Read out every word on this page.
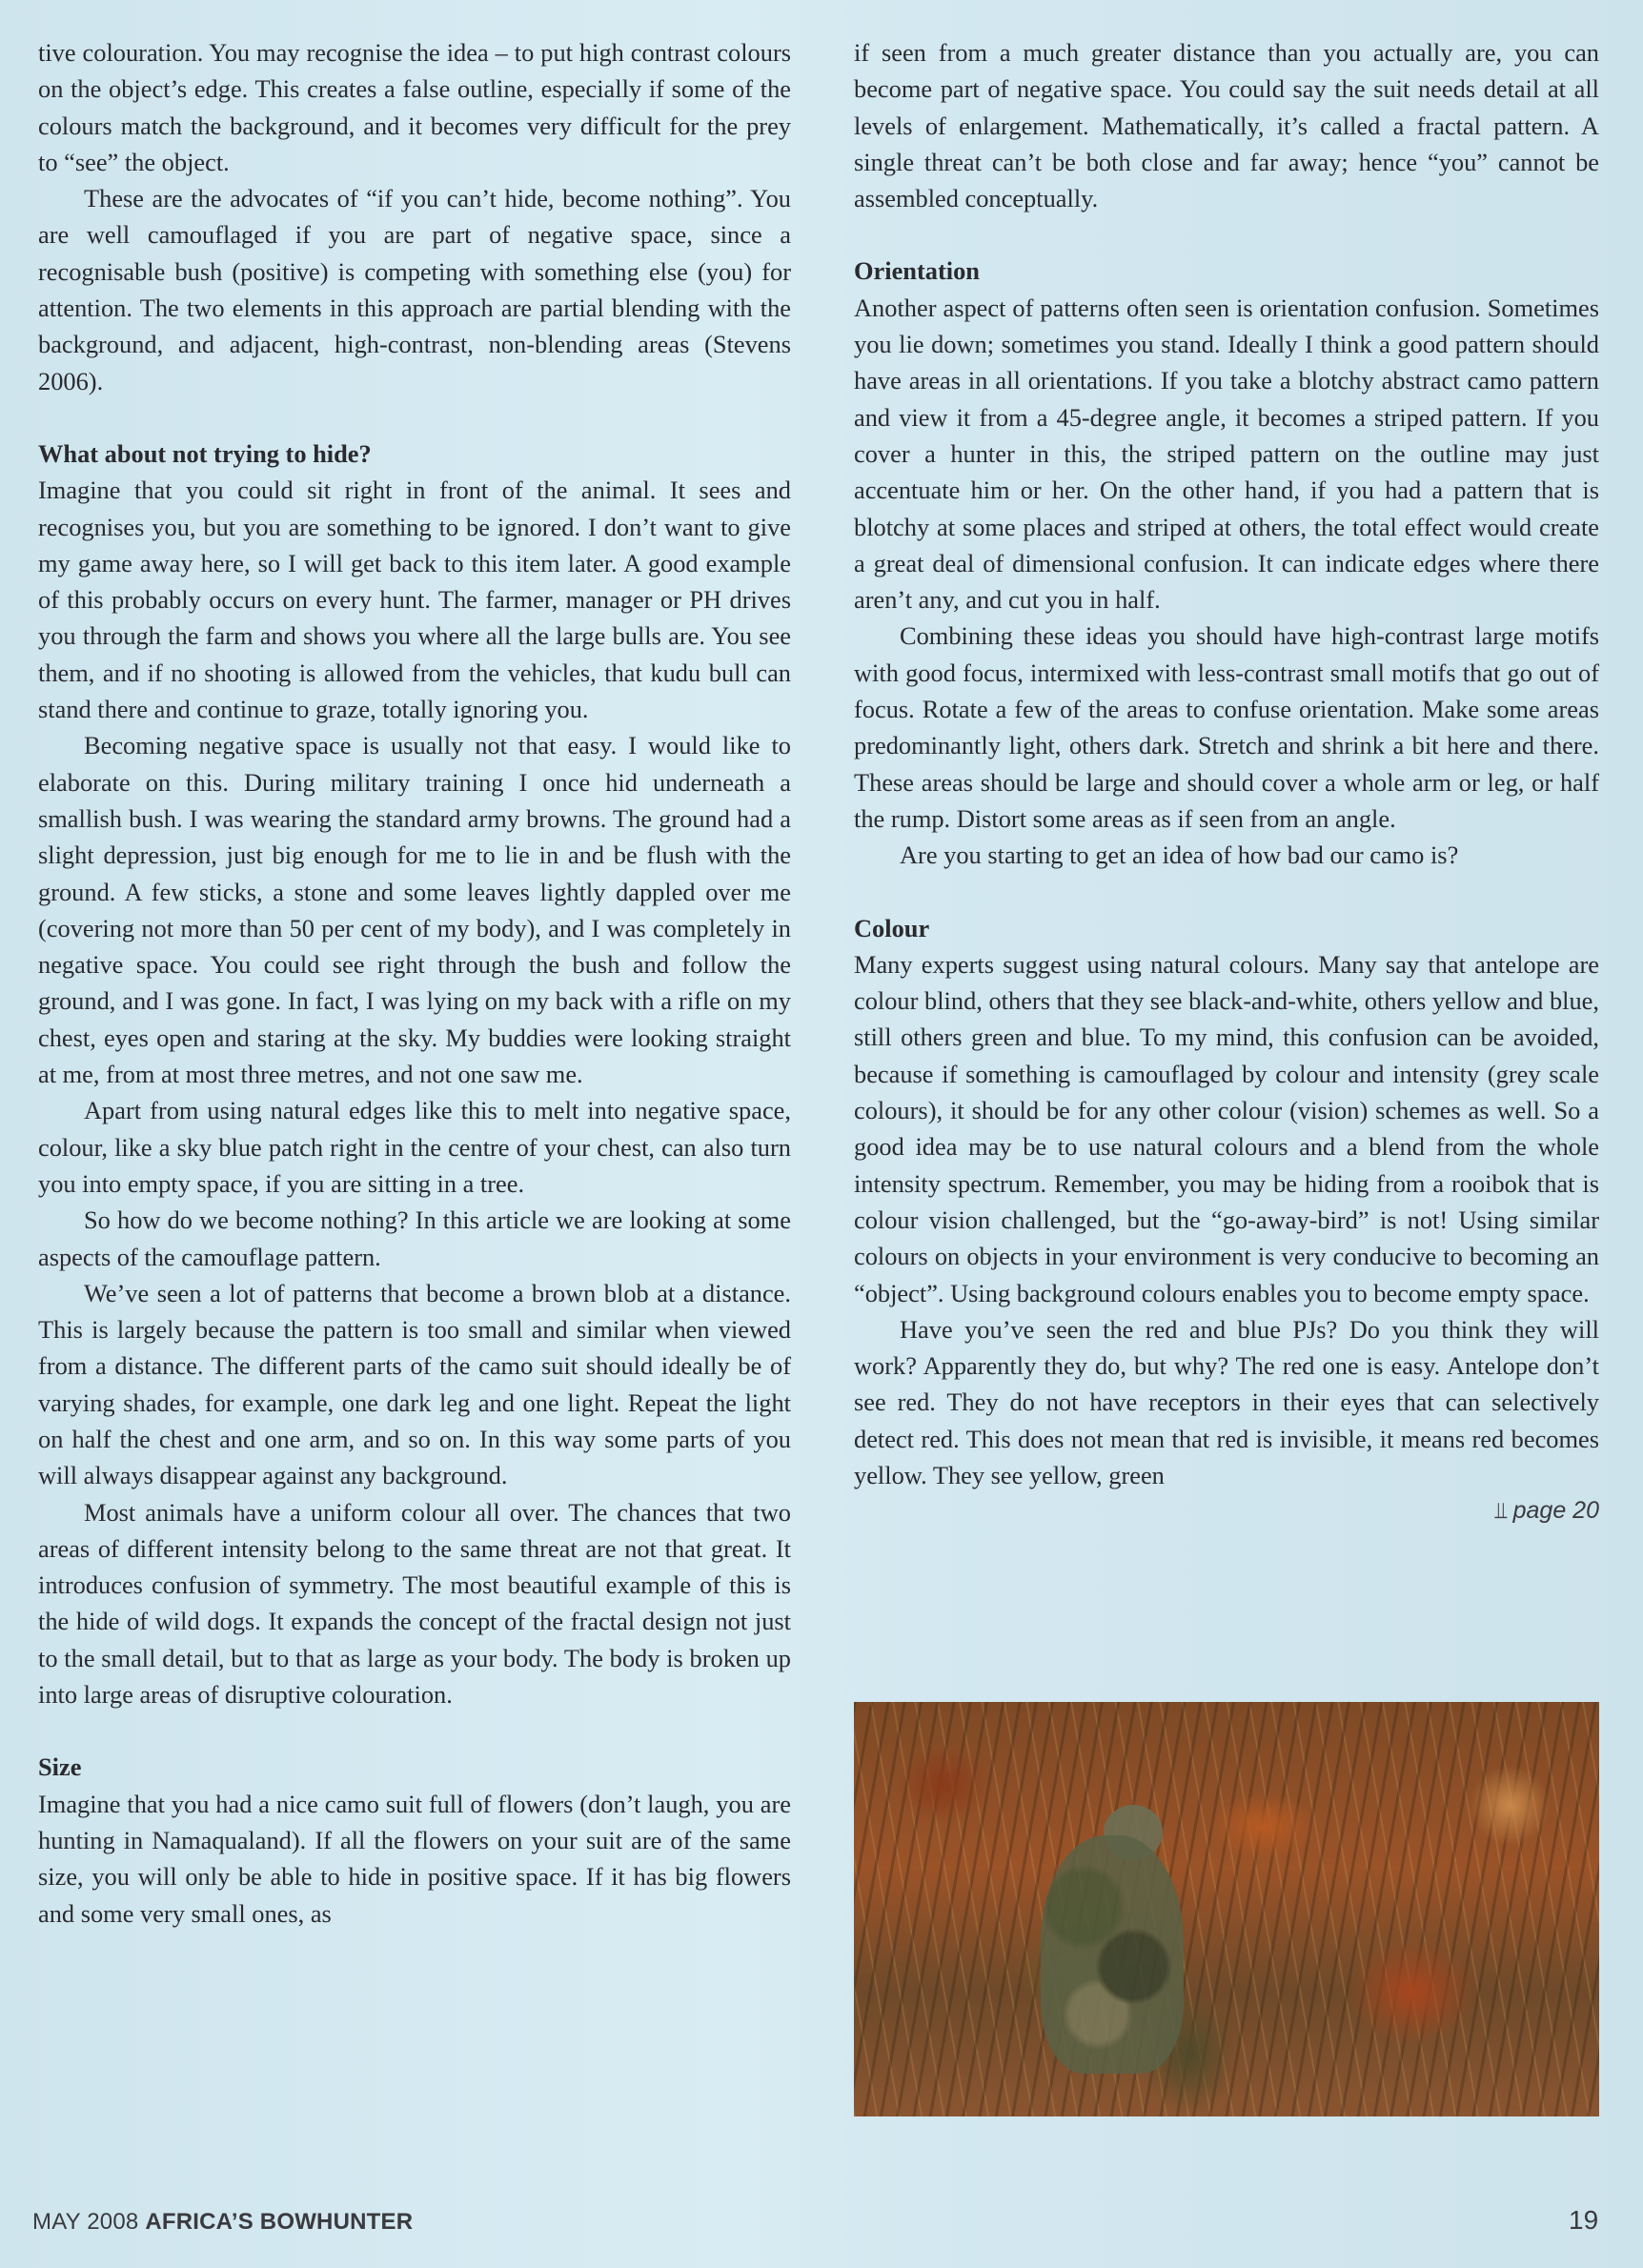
tive colouration. You may recognise the idea – to put high contrast colours on the object’s edge. This creates a false outline, especially if some of the colours match the background, and it becomes very difficult for the prey to “see” the object.

These are the advocates of “if you can’t hide, become nothing”. You are well camouflaged if you are part of negative space, since a recognisable bush (positive) is competing with something else (you) for attention. The two elements in this approach are partial blending with the background, and adjacent, high-contrast, non-blending areas (Stevens 2006).

What about not trying to hide?

Imagine that you could sit right in front of the animal. It sees and recognises you, but you are something to be ignored. I don’t want to give my game away here, so I will get back to this item later. A good example of this probably occurs on every hunt. The farmer, manager or PH drives you through the farm and shows you where all the large bulls are. You see them, and if no shooting is allowed from the vehicles, that kudu bull can stand there and continue to graze, totally ignoring you.

Becoming negative space is usually not that easy. I would like to elaborate on this. During military training I once hid underneath a smallish bush. I was wearing the standard army browns. The ground had a slight depression, just big enough for me to lie in and be flush with the ground. A few sticks, a stone and some leaves lightly dappled over me (covering not more than 50 per cent of my body), and I was completely in negative space. You could see right through the bush and follow the ground, and I was gone. In fact, I was lying on my back with a rifle on my chest, eyes open and staring at the sky. My buddies were looking straight at me, from at most three metres, and not one saw me.

Apart from using natural edges like this to melt into negative space, colour, like a sky blue patch right in the centre of your chest, can also turn you into empty space, if you are sitting in a tree.

So how do we become nothing? In this article we are looking at some aspects of the camouflage pattern.

We’ve seen a lot of patterns that become a brown blob at a distance. This is largely because the pattern is too small and similar when viewed from a distance. The different parts of the camo suit should ideally be of varying shades, for example, one dark leg and one light. Repeat the light on half the chest and one arm, and so on. In this way some parts of you will always disappear against any background.

Most animals have a uniform colour all over. The chances that two areas of different intensity belong to the same threat are not that great. It introduces confusion of symmetry. The most beautiful example of this is the hide of wild dogs. It expands the concept of the fractal design not just to the small detail, but to that as large as your body. The body is broken up into large areas of disruptive colouration.

Size

Imagine that you had a nice camo suit full of flowers (don’t laugh, you are hunting in Namaqualand). If all the flowers on your suit are of the same size, you will only be able to hide in positive space. If it has big flowers and some very small ones, as

if seen from a much greater distance than you actually are, you can become part of negative space. You could say the suit needs detail at all levels of enlargement. Mathematically, it’s called a fractal pattern. A single threat can’t be both close and far away; hence “you” cannot be assembled conceptually.

Orientation

Another aspect of patterns often seen is orientation confusion. Sometimes you lie down; sometimes you stand. Ideally I think a good pattern should have areas in all orientations. If you take a blotchy abstract camo pattern and view it from a 45-degree angle, it becomes a striped pattern. If you cover a hunter in this, the striped pattern on the outline may just accentuate him or her. On the other hand, if you had a pattern that is blotchy at some places and striped at others, the total effect would create a great deal of dimensional confusion. It can indicate edges where there aren’t any, and cut you in half.

Combining these ideas you should have high-contrast large motifs with good focus, intermixed with less-contrast small motifs that go out of focus. Rotate a few of the areas to confuse orientation. Make some areas predominantly light, others dark. Stretch and shrink a bit here and there. These areas should be large and should cover a whole arm or leg, or half the rump. Distort some areas as if seen from an angle.

Are you starting to get an idea of how bad our camo is?

Colour

Many experts suggest using natural colours. Many say that antelope are colour blind, others that they see black-and-white, others yellow and blue, still others green and blue. To my mind, this confusion can be avoided, because if something is camouflaged by colour and intensity (grey scale colours), it should be for any other colour (vision) schemes as well. So a good idea may be to use natural colours and a blend from the whole intensity spectrum. Remember, you may be hiding from a rooibok that is colour vision challenged, but the “go-away-bird” is not! Using similar colours on objects in your environment is very conducive to becoming an “object”. Using background colours enables you to become empty space.

Have you’ve seen the red and blue PJs? Do you think they will work? Apparently they do, but why? The red one is easy. Antelope don’t see red. They do not have receptors in their eyes that can selectively detect red. This does not mean that red is invisible, it means red becomes yellow. They see yellow, green

⫫ page 20
MAY 2008 AFRICA’S BOWHUNTER	19
